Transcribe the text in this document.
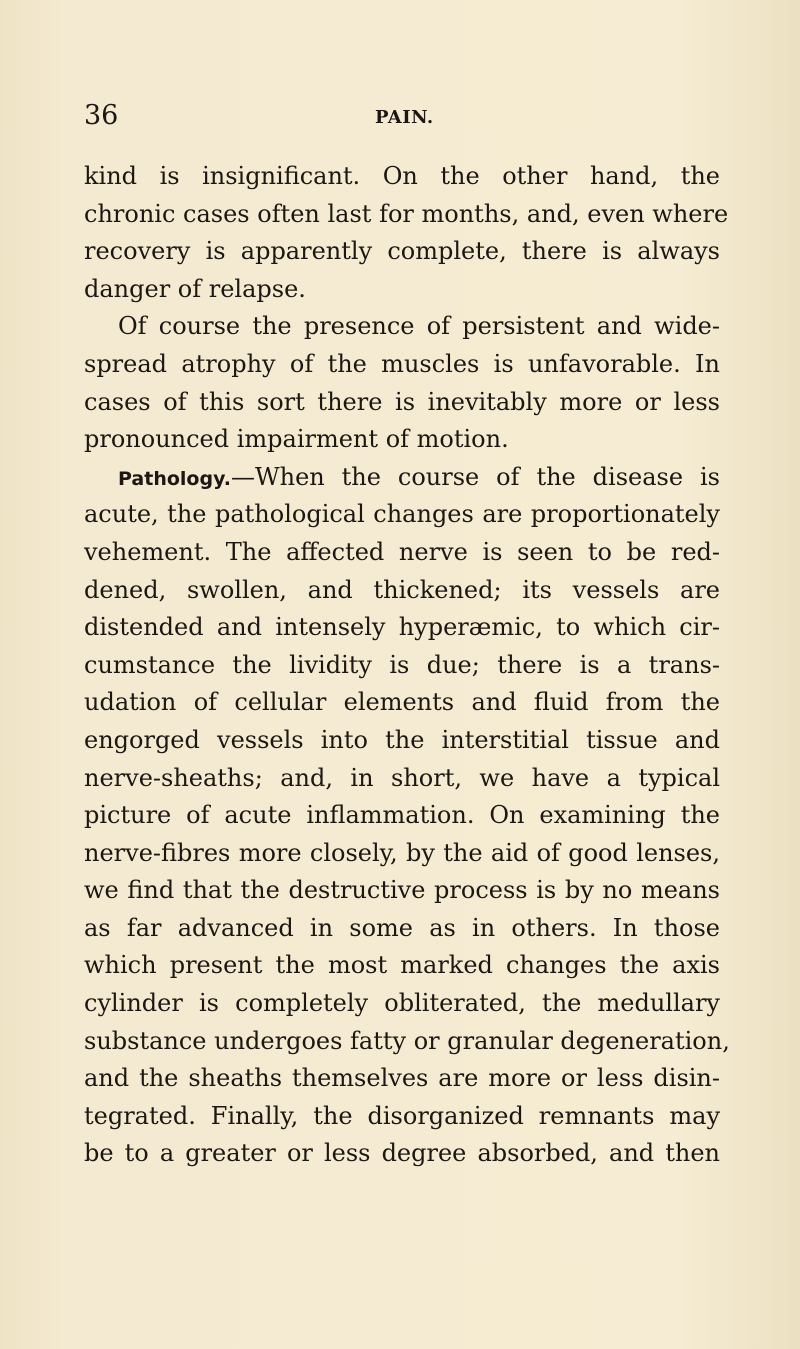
36	PAIN.
kind is insignificant. On the other hand, the
chronic cases often last for months, and, even where
recovery is apparently complete, there is always
danger of relapse.
Of course the presence of persistent and wide-
spread atrophy of the muscles is unfavorable. In
cases of this sort there is inevitably more or less
pronounced impairment of motion.
Pathology.—When the course of the disease is
acute, the pathological changes are proportionately
vehement. The affected nerve is seen to be red-
dened, swollen, and thickened; its vessels are
distended and intensely hyperæmic, to which cir-
cumstance the lividity is due; there is a trans-
udation of cellular elements and fluid from the
engorged vessels into the interstitial tissue and
nerve-sheaths; and, in short, we have a typical
picture of acute inflammation. On examining the
nerve-fibres more closely, by the aid of good lenses,
we find that the destructive process is by no means
as far advanced in some as in others. In those
which present the most marked changes the axis
cylinder is completely obliterated, the medullary
substance undergoes fatty or granular degeneration,
and the sheaths themselves are more or less disin-
tegrated. Finally, the disorganized remnants may
be to a greater or less degree absorbed, and then
